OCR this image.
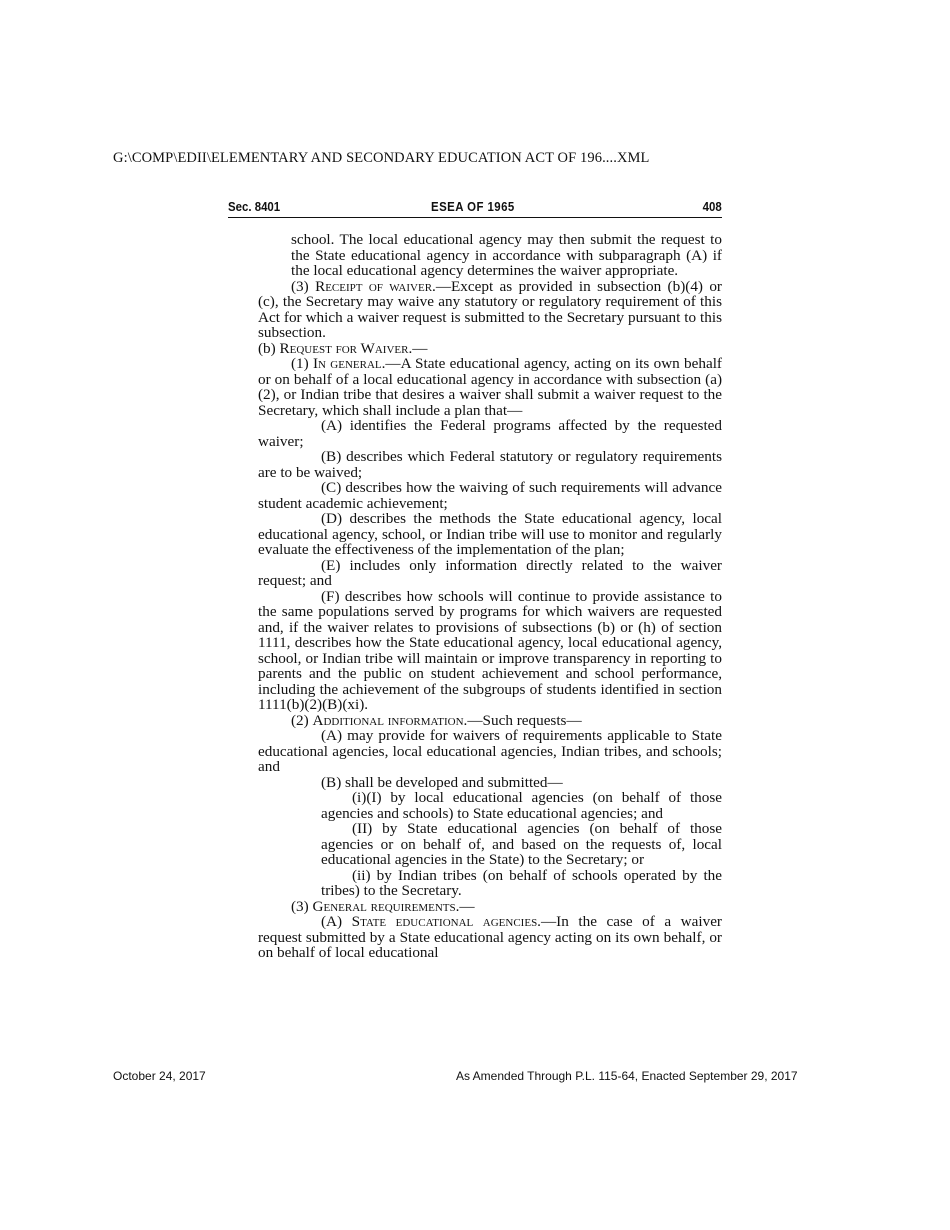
G:\COMP\EDII\ELEMENTARY AND SECONDARY EDUCATION ACT OF 196....XML
Sec. 8401	ESEA OF 1965	408

school. The local educational agency may then submit the request to the State educational agency in accordance with subparagraph (A) if the local educational agency determines the waiver appropriate.

(3) Receipt of waiver.—Except as provided in subsection (b)(4) or (c), the Secretary may waive any statutory or regulatory requirement of this Act for which a waiver request is submitted to the Secretary pursuant to this subsection.

(b) Request for Waiver.—

(1) In general.—A State educational agency, acting on its own behalf or on behalf of a local educational agency in accordance with subsection (a)(2), or Indian tribe that desires a waiver shall submit a waiver request to the Secretary, which shall include a plan that—

(A) identifies the Federal programs affected by the requested waiver;

(B) describes which Federal statutory or regulatory requirements are to be waived;

(C) describes how the waiving of such requirements will advance student academic achievement;

(D) describes the methods the State educational agency, local educational agency, school, or Indian tribe will use to monitor and regularly evaluate the effectiveness of the implementation of the plan;

(E) includes only information directly related to the waiver request; and

(F) describes how schools will continue to provide assistance to the same populations served by programs for which waivers are requested and, if the waiver relates to provisions of subsections (b) or (h) of section 1111, describes how the State educational agency, local educational agency, school, or Indian tribe will maintain or improve transparency in reporting to parents and the public on student achievement and school performance, including the achievement of the subgroups of students identified in section 1111(b)(2)(B)(xi).

(2) Additional information.—Such requests—

(A) may provide for waivers of requirements applicable to State educational agencies, local educational agencies, Indian tribes, and schools; and

(B) shall be developed and submitted—

(i)(I) by local educational agencies (on behalf of those agencies and schools) to State educational agencies; and

(II) by State educational agencies (on behalf of those agencies or on behalf of, and based on the requests of, local educational agencies in the State) to the Secretary; or

(ii) by Indian tribes (on behalf of schools operated by the tribes) to the Secretary.

(3) General requirements.—

(A) State educational agencies.—In the case of a waiver request submitted by a State educational agency acting on its own behalf, or on behalf of local educational

October 24, 2017	As Amended Through P.L. 115-64, Enacted September 29, 2017
